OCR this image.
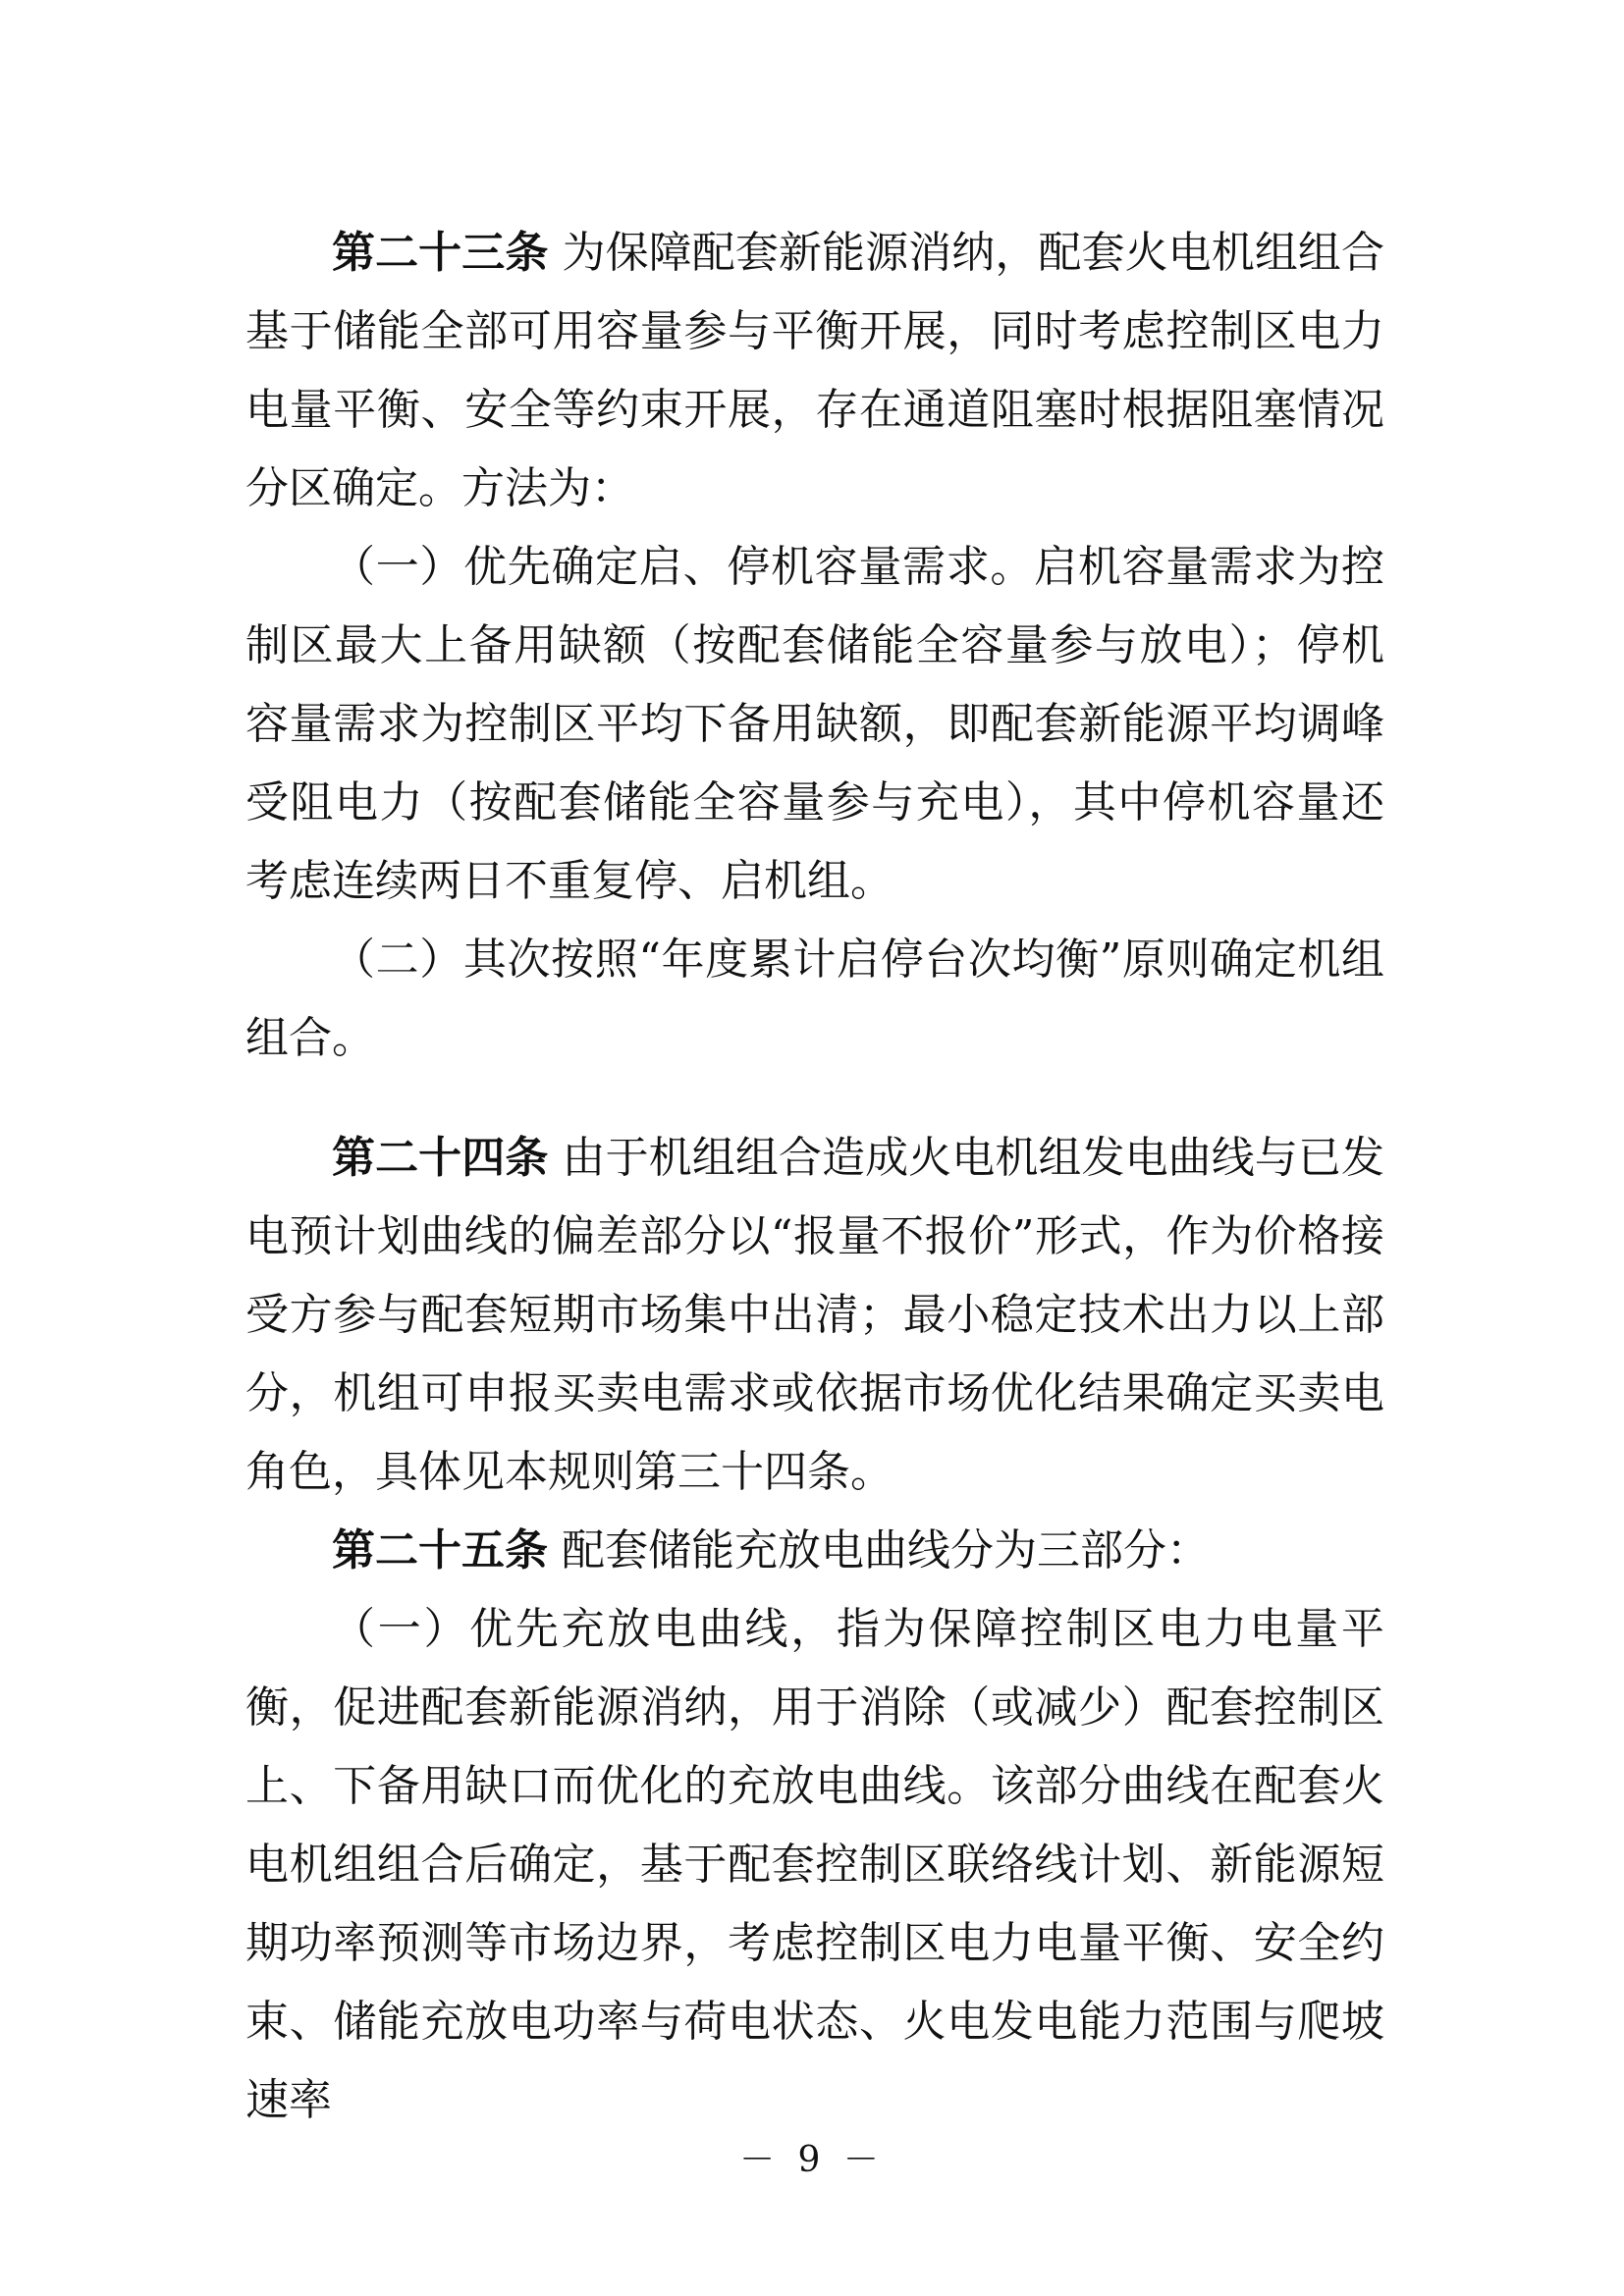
第二十三条 为保障配套新能源消纳，配套火电机组组合基于储能全部可用容量参与平衡开展，同时考虑控制区电力电量平衡、安全等约束开展，存在通道阻塞时根据阻塞情况分区确定。方法为：

（一）优先确定启、停机容量需求。启机容量需求为控制区最大上备用缺额（按配套储能全容量参与放电）；停机容量需求为控制区平均下备用缺额，即配套新能源平均调峰受阻电力（按配套储能全容量参与充电），其中停机容量还考虑连续两日不重复停、启机组。

（二）其次按照“年度累计启停台次均衡”原则确定机组组合。

第二十四条 由于机组组合造成火电机组发电曲线与已发电预计划曲线的偏差部分以“报量不报价”形式，作为价格接受方参与配套短期市场集中出清；最小稳定技术出力以上部分，机组可申报买卖电需求或依据市场优化结果确定买卖电角色，具体见本规则第三十四条。

第二十五条 配套储能充放电曲线分为三部分：

（一）优先充放电曲线，指为保障控制区电力电量平衡，促进配套新能源消纳，用于消除（或减少）配套控制区上、下备用缺口而优化的充放电曲线。该部分曲线在配套火电机组组合后确定，基于配套控制区联络线计划、新能源短期功率预测等市场边界，考虑控制区电力电量平衡、安全约束、储能充放电功率与荷电状态、火电发电能力范围与爬坡速率

－ 9 －
